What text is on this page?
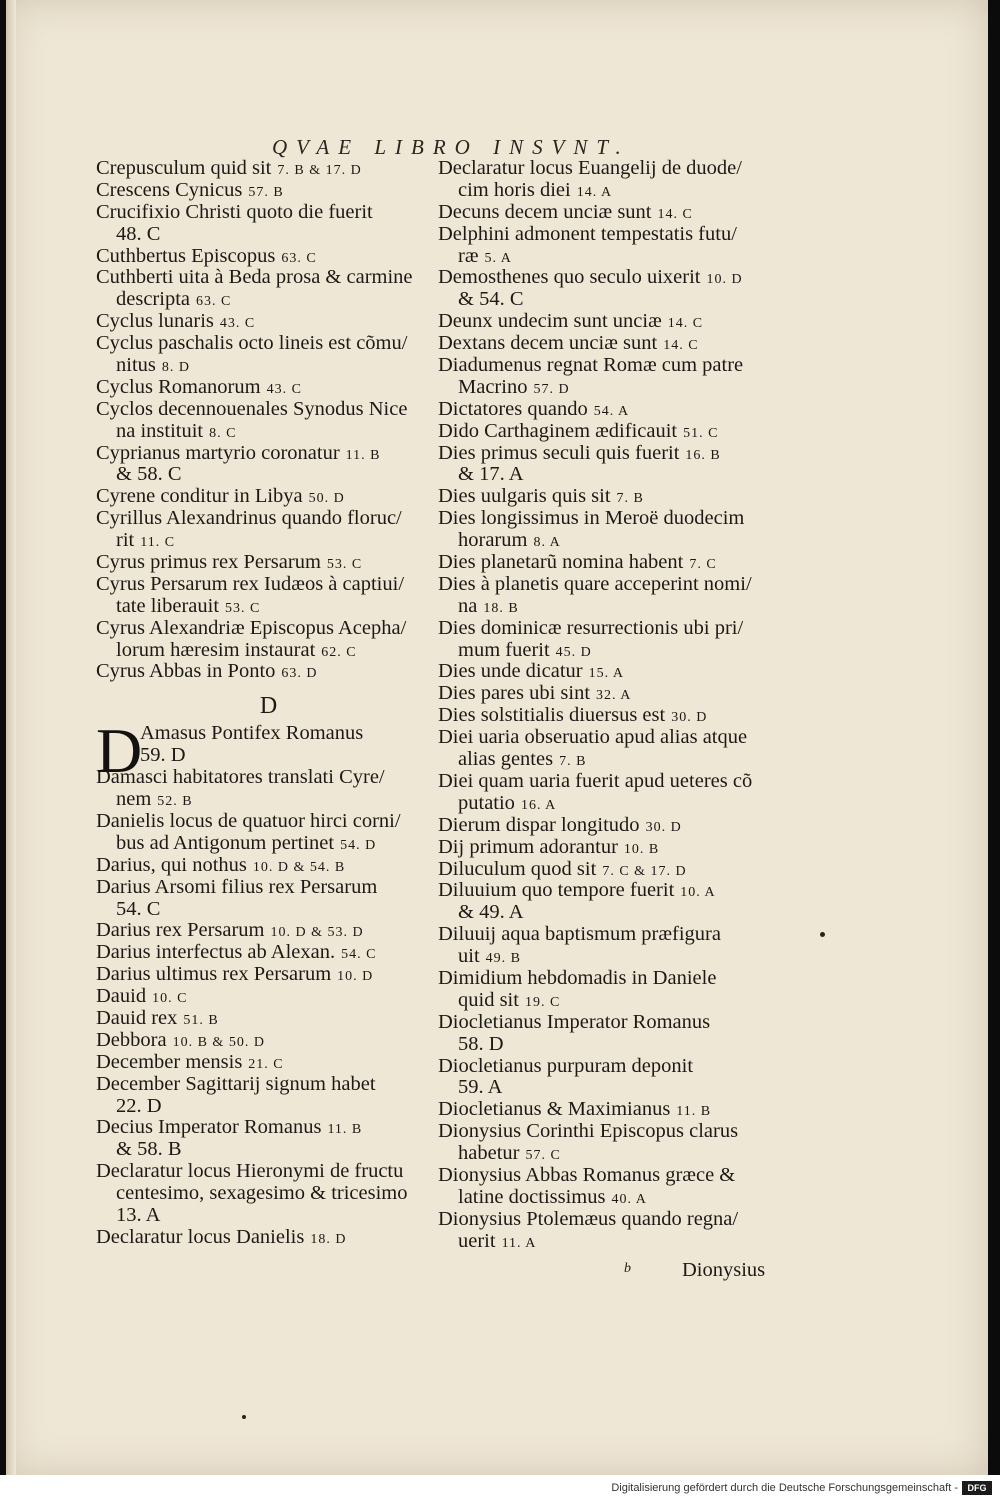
QVAE LIBRO INSVNT.
Crepusculum quid sit 7. B & 17. D
Crescens Cynicus 57. B
Crucifixio Christi quoto die fuerit
48. C
Cuthbertus Episcopus 63. C
Cuthberti uita à Beda prosa & carmine
descripta 63. C
Cyclus lunaris 43. C
Cyclus paschalis octo lineis est cõmu/
nitus 8. D
Cyclus Romanorum 43. C
Cyclos decennouenales Synodus Nice
na instituit 8. C
Cyprianus martyrio coronatur 11. B
& 58. C
Cyrene conditur in Libya 50. D
Cyrillus Alexandrinus quando floruc/
rit 11. C
Cyrus primus rex Persarum 53. C
Cyrus Persarum rex Iudæos à captiui/
tate liberauit 53. C
Cyrus Alexandriæ Episcopus Acepha/
lorum hæresim instaurat 62. C
Cyrus Abbas in Ponto 63. D
D
D
Amasus Pontifex Romanus
59. D
Damasci habitatores translati Cyre/
nem 52. B
Danielis locus de quatuor hirci corni/
bus ad Antigonum pertinet 54. D
Darius, qui nothus 10. D & 54. B
Darius Arsomi filius rex Persarum
54. C
Darius rex Persarum 10. D & 53. D
Darius interfectus ab Alexan. 54. C
Darius ultimus rex Persarum 10. D
Dauid 10. C
Dauid rex 51. B
Debbora 10. B & 50. D
December mensis 21. C
December Sagittarij signum habet
22. D
Decius Imperator Romanus 11. B
& 58. B
Declaratur locus Hieronymi de fructu
centesimo, sexagesimo & tricesimo
13. A
Declaratur locus Danielis 18. D
Declaratur locus Euangelij de duode/
cim horis diei 14. A
Decuns decem unciæ sunt 14. C
Delphini admonent tempestatis futu/
ræ 5. A
Demosthenes quo seculo uixerit 10. D
& 54. C
Deunx undecim sunt unciæ 14. C
Dextans decem unciæ sunt 14. C
Diadumenus regnat Romæ cum patre
Macrino 57. D
Dictatores quando 54. A
Dido Carthaginem ædificauit 51. C
Dies primus seculi quis fuerit 16. B
& 17. A
Dies uulgaris quis sit 7. B
Dies longissimus in Meroë duodecim
horarum 8. A
Dies planetarũ nomina habent 7. C
Dies à planetis quare acceperint nomi/
na 18. B
Dies dominicæ resurrectionis ubi pri/
mum fuerit 45. D
Dies unde dicatur 15. A
Dies pares ubi sint 32. A
Dies solstitialis diuersus est 30. D
Diei uaria obseruatio apud alias atque
alias gentes 7. B
Diei quam uaria fuerit apud ueteres cõ
putatio 16. A
Dierum dispar longitudo 30. D
Dij primum adorantur 10. B
Diluculum quod sit 7. C & 17. D
Diluuium quo tempore fuerit 10. A
& 49. A
Diluuij aqua baptismum præfigura
uit 49. B
Dimidium hebdomadis in Daniele
quid sit 19. C
Diocletianus Imperator Romanus
58. D
Diocletianus purpuram deponit
59. A
Diocletianus & Maximianus 11. B
Dionysius Corinthi Episcopus clarus
habetur 57. C
Dionysius Abbas Romanus græce &
latine doctissimus 40. A
Dionysius Ptolemæus quando regna/
uerit 11. A
b Dionysius
Digitalisierung gefördert durch die Deutsche Forschungsgemeinschaft -	DFG
